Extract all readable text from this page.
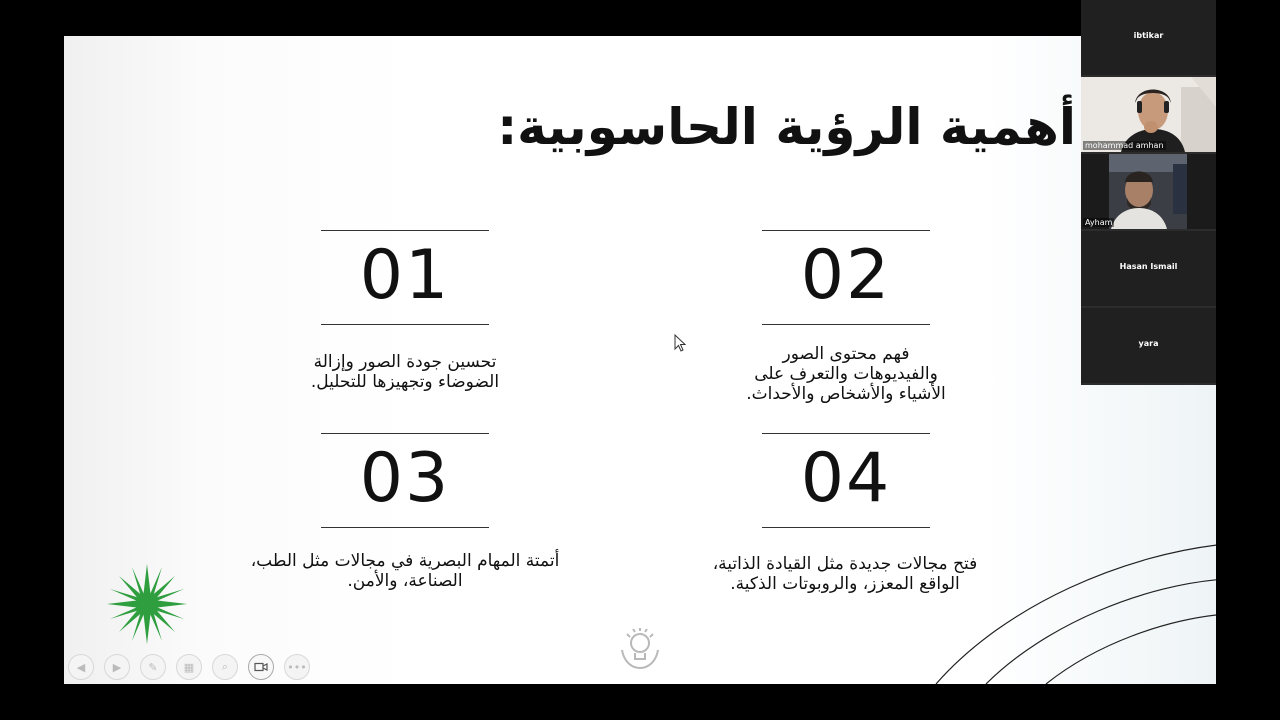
أهمية الرؤية الحاسوبية:
01
تحسين جودة الصور وإزالة الضوضاء وتجهيزها للتحليل.
02
فهم محتوى الصور والفيديوهات والتعرف على الأشياء والأشخاص والأحداث.
03
أتمتة المهام البصرية في مجالات مثل الطب، الصناعة، والأمن.
04
فتح مجالات جديدة مثل القيادة الذاتية، الواقع المعزز، والروبوتات الذكية.
◀	▶	✎	▦	⌕	•••
ibtikar
mohammad amhan
Ayham
Hasan Ismail
yara
